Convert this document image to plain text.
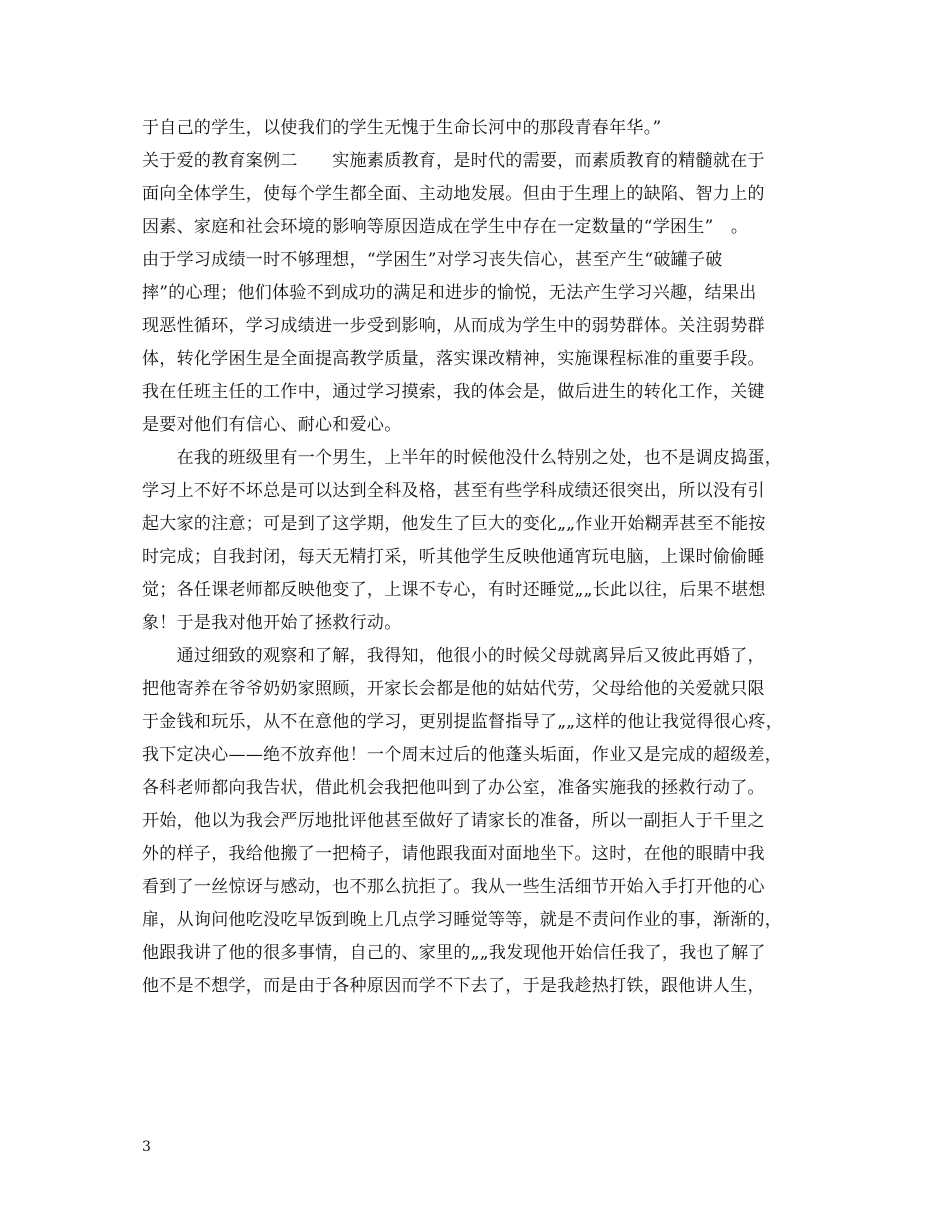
于自己的学生，以使我们的学生无愧于生命长河中的那段青春年华。”
关于爱的教育案例二　　实施素质教育，是时代的需要，而素质教育的精髓就在于
面向全体学生，使每个学生都全面、主动地发展。但由于生理上的缺陷、智力上的
因素、家庭和社会环境的影响等原因造成在学生中存在一定数量的“学困生”　。
由于学习成绩一时不够理想，“学困生”对学习丧失信心，甚至产生“破罐子破
摔”的心理；他们体验不到成功的满足和进步的愉悦，无法产生学习兴趣，结果出
现恶性循环，学习成绩进一步受到影响，从而成为学生中的弱势群体。关注弱势群
体，转化学困生是全面提高教学质量，落实课改精神，实施课程标准的重要手段。
我在任班主任的工作中，通过学习摸索，我的体会是，做后进生的转化工作，关键
是要对他们有信心、耐心和爱心。
　　在我的班级里有一个男生，上半年的时候他没什么特别之处，也不是调皮捣蛋，
学习上不好不坏总是可以达到全科及格，甚至有些学科成绩还很突出，所以没有引
起大家的注意；可是到了这学期，他发生了巨大的变化„„作业开始糊弄甚至不能按
时完成；自我封闭，每天无精打采，听其他学生反映他通宵玩电脑，上课时偷偷睡
觉；各任课老师都反映他变了，上课不专心，有时还睡觉„„长此以往，后果不堪想
象！于是我对他开始了拯救行动。
　　通过细致的观察和了解，我得知，他很小的时候父母就离异后又彼此再婚了，
把他寄养在爷爷奶奶家照顾，开家长会都是他的姑姑代劳，父母给他的关爱就只限
于金钱和玩乐，从不在意他的学习，更别提监督指导了„„这样的他让我觉得很心疼，
我下定决心——绝不放弃他！一个周末过后的他蓬头垢面，作业又是完成的超级差，
各科老师都向我告状，借此机会我把他叫到了办公室，准备实施我的拯救行动了。
开始，他以为我会严厉地批评他甚至做好了请家长的准备，所以一副拒人于千里之
外的样子，我给他搬了一把椅子，请他跟我面对面地坐下。这时，在他的眼睛中我
看到了一丝惊讶与感动，也不那么抗拒了。我从一些生活细节开始入手打开他的心
扉，从询问他吃没吃早饭到晚上几点学习睡觉等等，就是不责问作业的事，渐渐的，
他跟我讲了他的很多事情，自己的、家里的„„我发现他开始信任我了，我也了解了
他不是不想学，而是由于各种原因而学不下去了，于是我趁热打铁，跟他讲人生，
3
